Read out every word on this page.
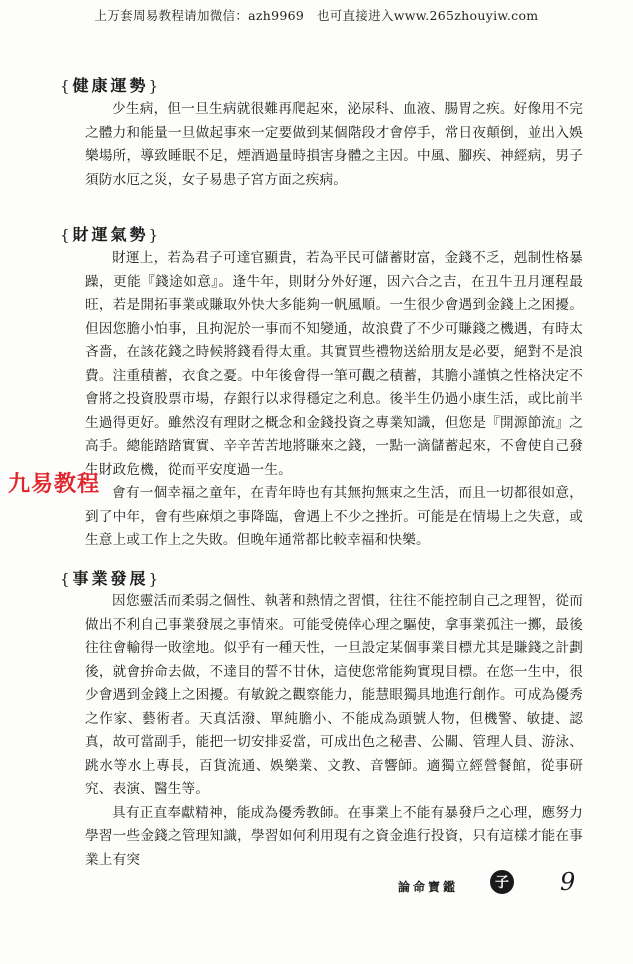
上万套周易教程请加微信：azh9969　也可直接进入www.265zhouyiw.com
{健康運勢}

少生病，但一旦生病就很難再爬起來，泌尿科、血液、腸胃之疾。好像用不完之體力和能量一旦做起事來一定要做到某個階段才會停手，常日夜顛倒，並出入娛樂場所，導致睡眠不足，煙酒過量時損害身體之主因。中風、腳疾、神經病，男子須防水厄之災，女子易患子宮方面之疾病。

{財運氣勢}

財運上，若為君子可達官顯貴，若為平民可儲蓄財富，金錢不乏，剋制性格暴躁，更能『錢途如意』。逢牛年，則財分外好運，因六合之吉，在丑牛丑月運程最旺，若是開拓事業或賺取外快大多能夠一帆風順。一生很少會遇到金錢上之困擾。但因您膽小怕事，且拘泥於一事而不知變通，故浪費了不少可賺錢之機遇，有時太吝嗇，在該花錢之時候將錢看得太重。其實買些禮物送給朋友是必要，絕對不是浪費。注重積蓄，衣食之憂。中年後會得一筆可觀之積蓄，其膽小謹慎之性格決定不會將之投資股票市場，存銀行以求得穩定之利息。後半生仍過小康生活，或比前半生過得更好。雖然沒有理財之概念和金錢投資之專業知識，但您是『開源節流』之高手。總能踏踏實實、辛辛苦苦地將賺來之錢，一點一滴儲蓄起來，不會使自己發生財政危機，從而平安度過一生。

會有一個幸福之童年，在青年時也有其無拘無束之生活，而且一切都很如意，到了中年，會有些麻煩之事降臨，會遇上不少之挫折。可能是在情場上之失意，或生意上或工作上之失敗。但晚年通常都比較幸福和快樂。

九易教程
{事業發展}

因您靈活而柔弱之個性、執著和熱情之習慣，往往不能控制自己之理智，從而做出不利自己事業發展之事情來。可能受僥倖心理之驅使，拿事業孤注一擲，最後往往會輸得一敗塗地。似乎有一種天性，一旦設定某個事業目標尤其是賺錢之計劃後，就會拚命去做，不達目的誓不甘休，這使您常能夠實現目標。在您一生中，很少會遇到金錢上之困擾。有敏銳之觀察能力，能慧眼獨具地進行創作。可成為優秀之作家、藝術者。天真活潑、單純膽小、不能成為頭號人物，但機警、敏捷、認真，故可當副手，能把一切安排妥當，可成出色之秘書、公關、管理人員、游泳、跳水等水上專長，百貨流通、娛樂業、文教、音響師。適獨立經營餐館，從事研究、表演、醫生等。

具有正直奉獻精神，能成為優秀教師。在事業上不能有暴發戶之心理，應努力學習一些金錢之管理知識，學習如何利用現有之資金進行投資，只有這樣才能在事業上有突

論命寶鑑	子 9
